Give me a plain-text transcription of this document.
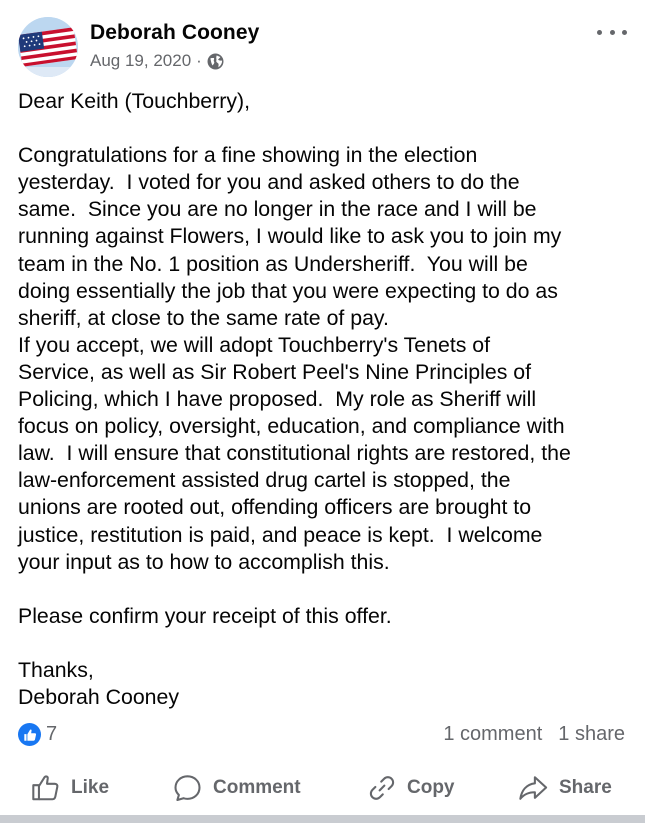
Deborah Cooney
Aug 19, 2020 ·
Dear Keith (Touchberry),
Congratulations for a fine showing in the election
yesterday.  I voted for you and asked others to do the
same.  Since you are no longer in the race and I will be
running against Flowers, I would like to ask you to join my
team in the No. 1 position as Undersheriff.  You will be
doing essentially the job that you were expecting to do as
sheriff, at close to the same rate of pay.
If you accept, we will adopt Touchberry's Tenets of
Service, as well as Sir Robert Peel's Nine Principles of
Policing, which I have proposed.  My role as Sheriff will
focus on policy, oversight, education, and compliance with
law.  I will ensure that constitutional rights are restored, the
law-enforcement assisted drug cartel is stopped, the
unions are rooted out, offending officers are brought to
justice, restitution is paid, and peace is kept.  I welcome
your input as to how to accomplish this.
Please confirm your receipt of this offer.
Thanks,
Deborah Cooney
7	1 comment 1 share
Like	Comment	Copy	Share
